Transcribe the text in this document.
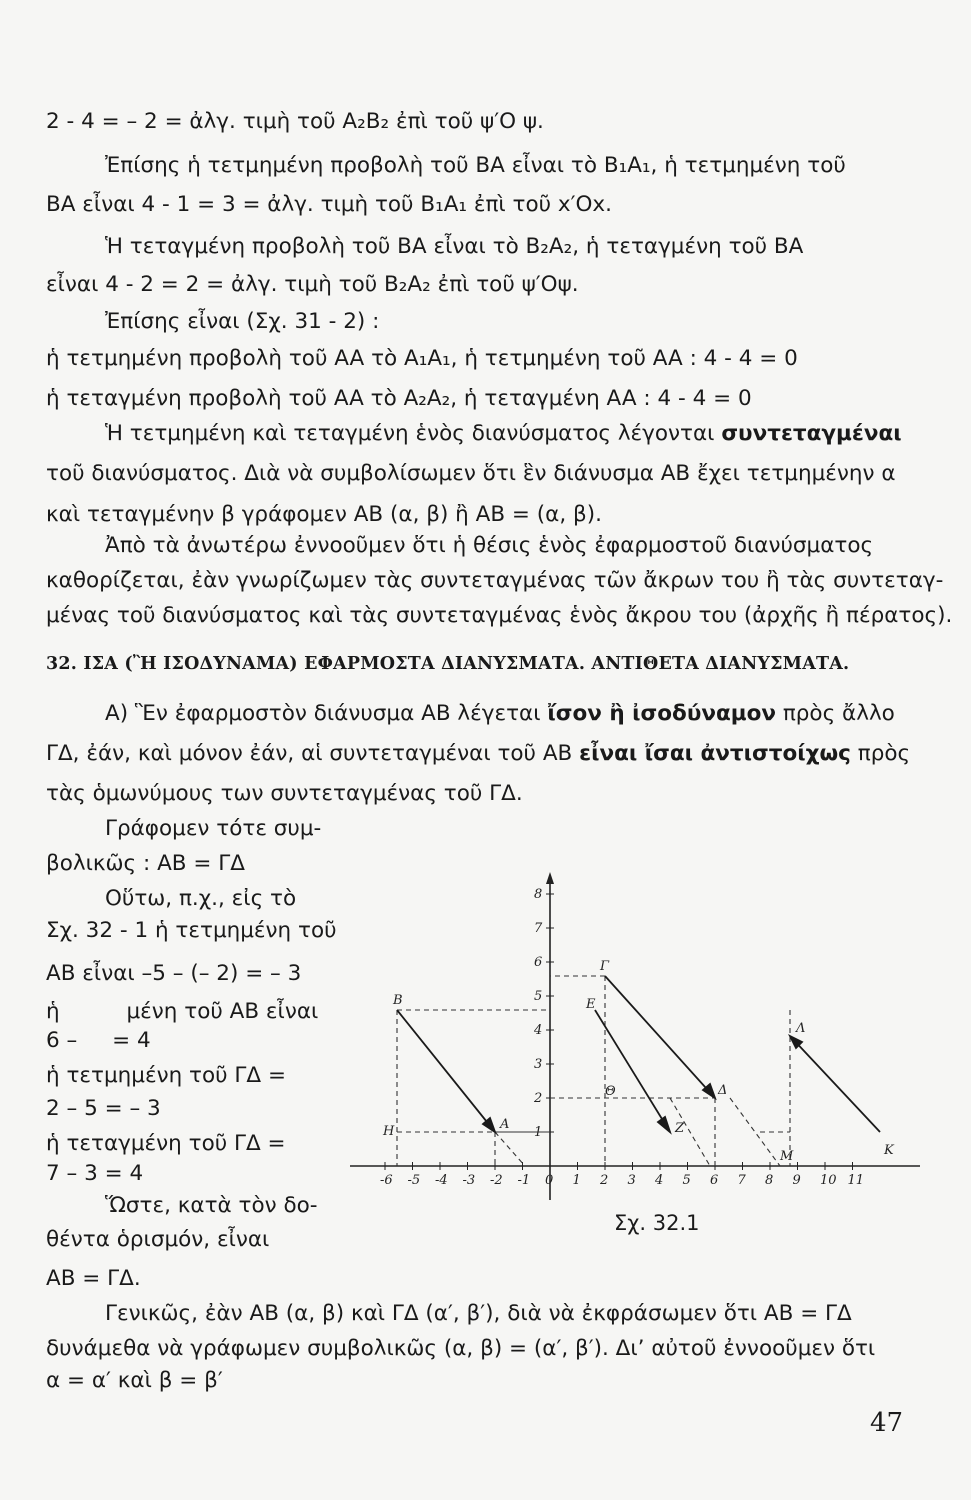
2 - 4 = – 2 = ἀλγ. τιμὴ τοῦ A₂B₂ ἐπὶ τοῦ ψ′O ψ.
Ἐπίσης ἡ τετμημένη προβολὴ τοῦ BA εἶναι τὸ B₁A₁, ἡ τετμημένη τοῦ
BA εἶναι 4 - 1 = 3 = ἀλγ. τιμὴ τοῦ B₁A₁ ἐπὶ τοῦ x′Ox.
Ἡ τεταγμένη προβολὴ τοῦ BA εἶναι τὸ B₂A₂, ἡ τεταγμένη τοῦ BA
εἶναι 4 - 2 = 2 = ἀλγ. τιμὴ τοῦ B₂A₂ ἐπὶ τοῦ ψ′Oψ.
Ἐπίσης εἶναι (Σχ. 31 - 2) :
ἡ τετμημένη προβολὴ τοῦ AA τὸ A₁A₁, ἡ τετμημένη τοῦ AA : 4 - 4 = 0
ἡ τεταγμένη προβολὴ τοῦ AA τὸ A₂A₂, ἡ τεταγμένη AA : 4 - 4 = 0
Ἡ τετμημένη καὶ τεταγμένη ἑνὸς διανύσματος λέγονται συντεταγμέναι
τοῦ διανύσματος. Διὰ νὰ συμβολίσωμεν ὅτι ἓν διάνυσμα AB ἔχει τετμημένην α
καὶ τεταγμένην β γράφομεν AB (α, β) ἢ AB = (α, β).
Ἀπὸ τὰ ἀνωτέρω ἐννοοῦμεν ὅτι ἡ θέσις ἑνὸς ἐφαρμοστοῦ διανύσματος
καθορίζεται, ἐὰν γνωρίζωμεν τὰς συντεταγμένας τῶν ἄκρων του ἢ τὰς συντεταγ-
μένας τοῦ διανύσματος καὶ τὰς συντεταγμένας ἑνὸς ἄκρου του (ἀρχῆς ἢ πέρατος).
32. ΙΣΑ (Ἢ ΙΣΟΔΥΝΑΜΑ) ΕΦΑΡΜΟΣΤΑ ΔΙΑΝΥΣΜΑΤΑ. ΑΝΤΙΘΕΤΑ ΔΙΑΝΥΣΜΑΤΑ.
A) Ἓν ἐφαρμοστὸν διάνυσμα AB λέγεται ἴσον ἢ ἰσοδύναμον πρὸς ἄλλο
ΓΔ, ἐάν, καὶ μόνον ἐάν, αἱ συντεταγμέναι τοῦ AB εἶναι ἴσαι ἀντιστοίχως πρὸς
τὰς ὁμωνύμους των συντεταγμένας τοῦ ΓΔ.
Γράφομεν τότε συμ-
βολικῶς : AB = ΓΔ
Οὕτω, π.χ., εἰς τὸ
Σχ. 32 - 1 ἡ τετμημένη τοῦ
AB εἶναι –5 – (– 2) = – 3
ἡ	μένη τοῦ AB εἶναι
6 – = 4
ἡ τετμημένη τοῦ ΓΔ =
2 – 5 = – 3
ἡ τεταγμένη τοῦ ΓΔ =
7 – 3 = 4
Ὥστε, κατὰ τὸν δο-
θέντα ὁρισμόν, εἶναι
AB = ΓΔ.
-6 -5 -4 -3 -2 -1 0 1 2 3 4 5 6 7 8 9 10 11
8
7
6
5
4
3
2
1
B
A
Γ
Δ
E
Z
H
Θ
Λ
M	K
Σχ. 32.1
Γενικῶς, ἐὰν AB (α, β) καὶ ΓΔ (α′, β′), διὰ νὰ ἐκφράσωμεν ὅτι AB = ΓΔ
δυνάμεθα νὰ γράφωμεν συμβολικῶς (α, β) = (α′, β′). Δι’ αὐτοῦ ἐννοοῦμεν ὅτι
α = α′ καὶ β = β′
47
